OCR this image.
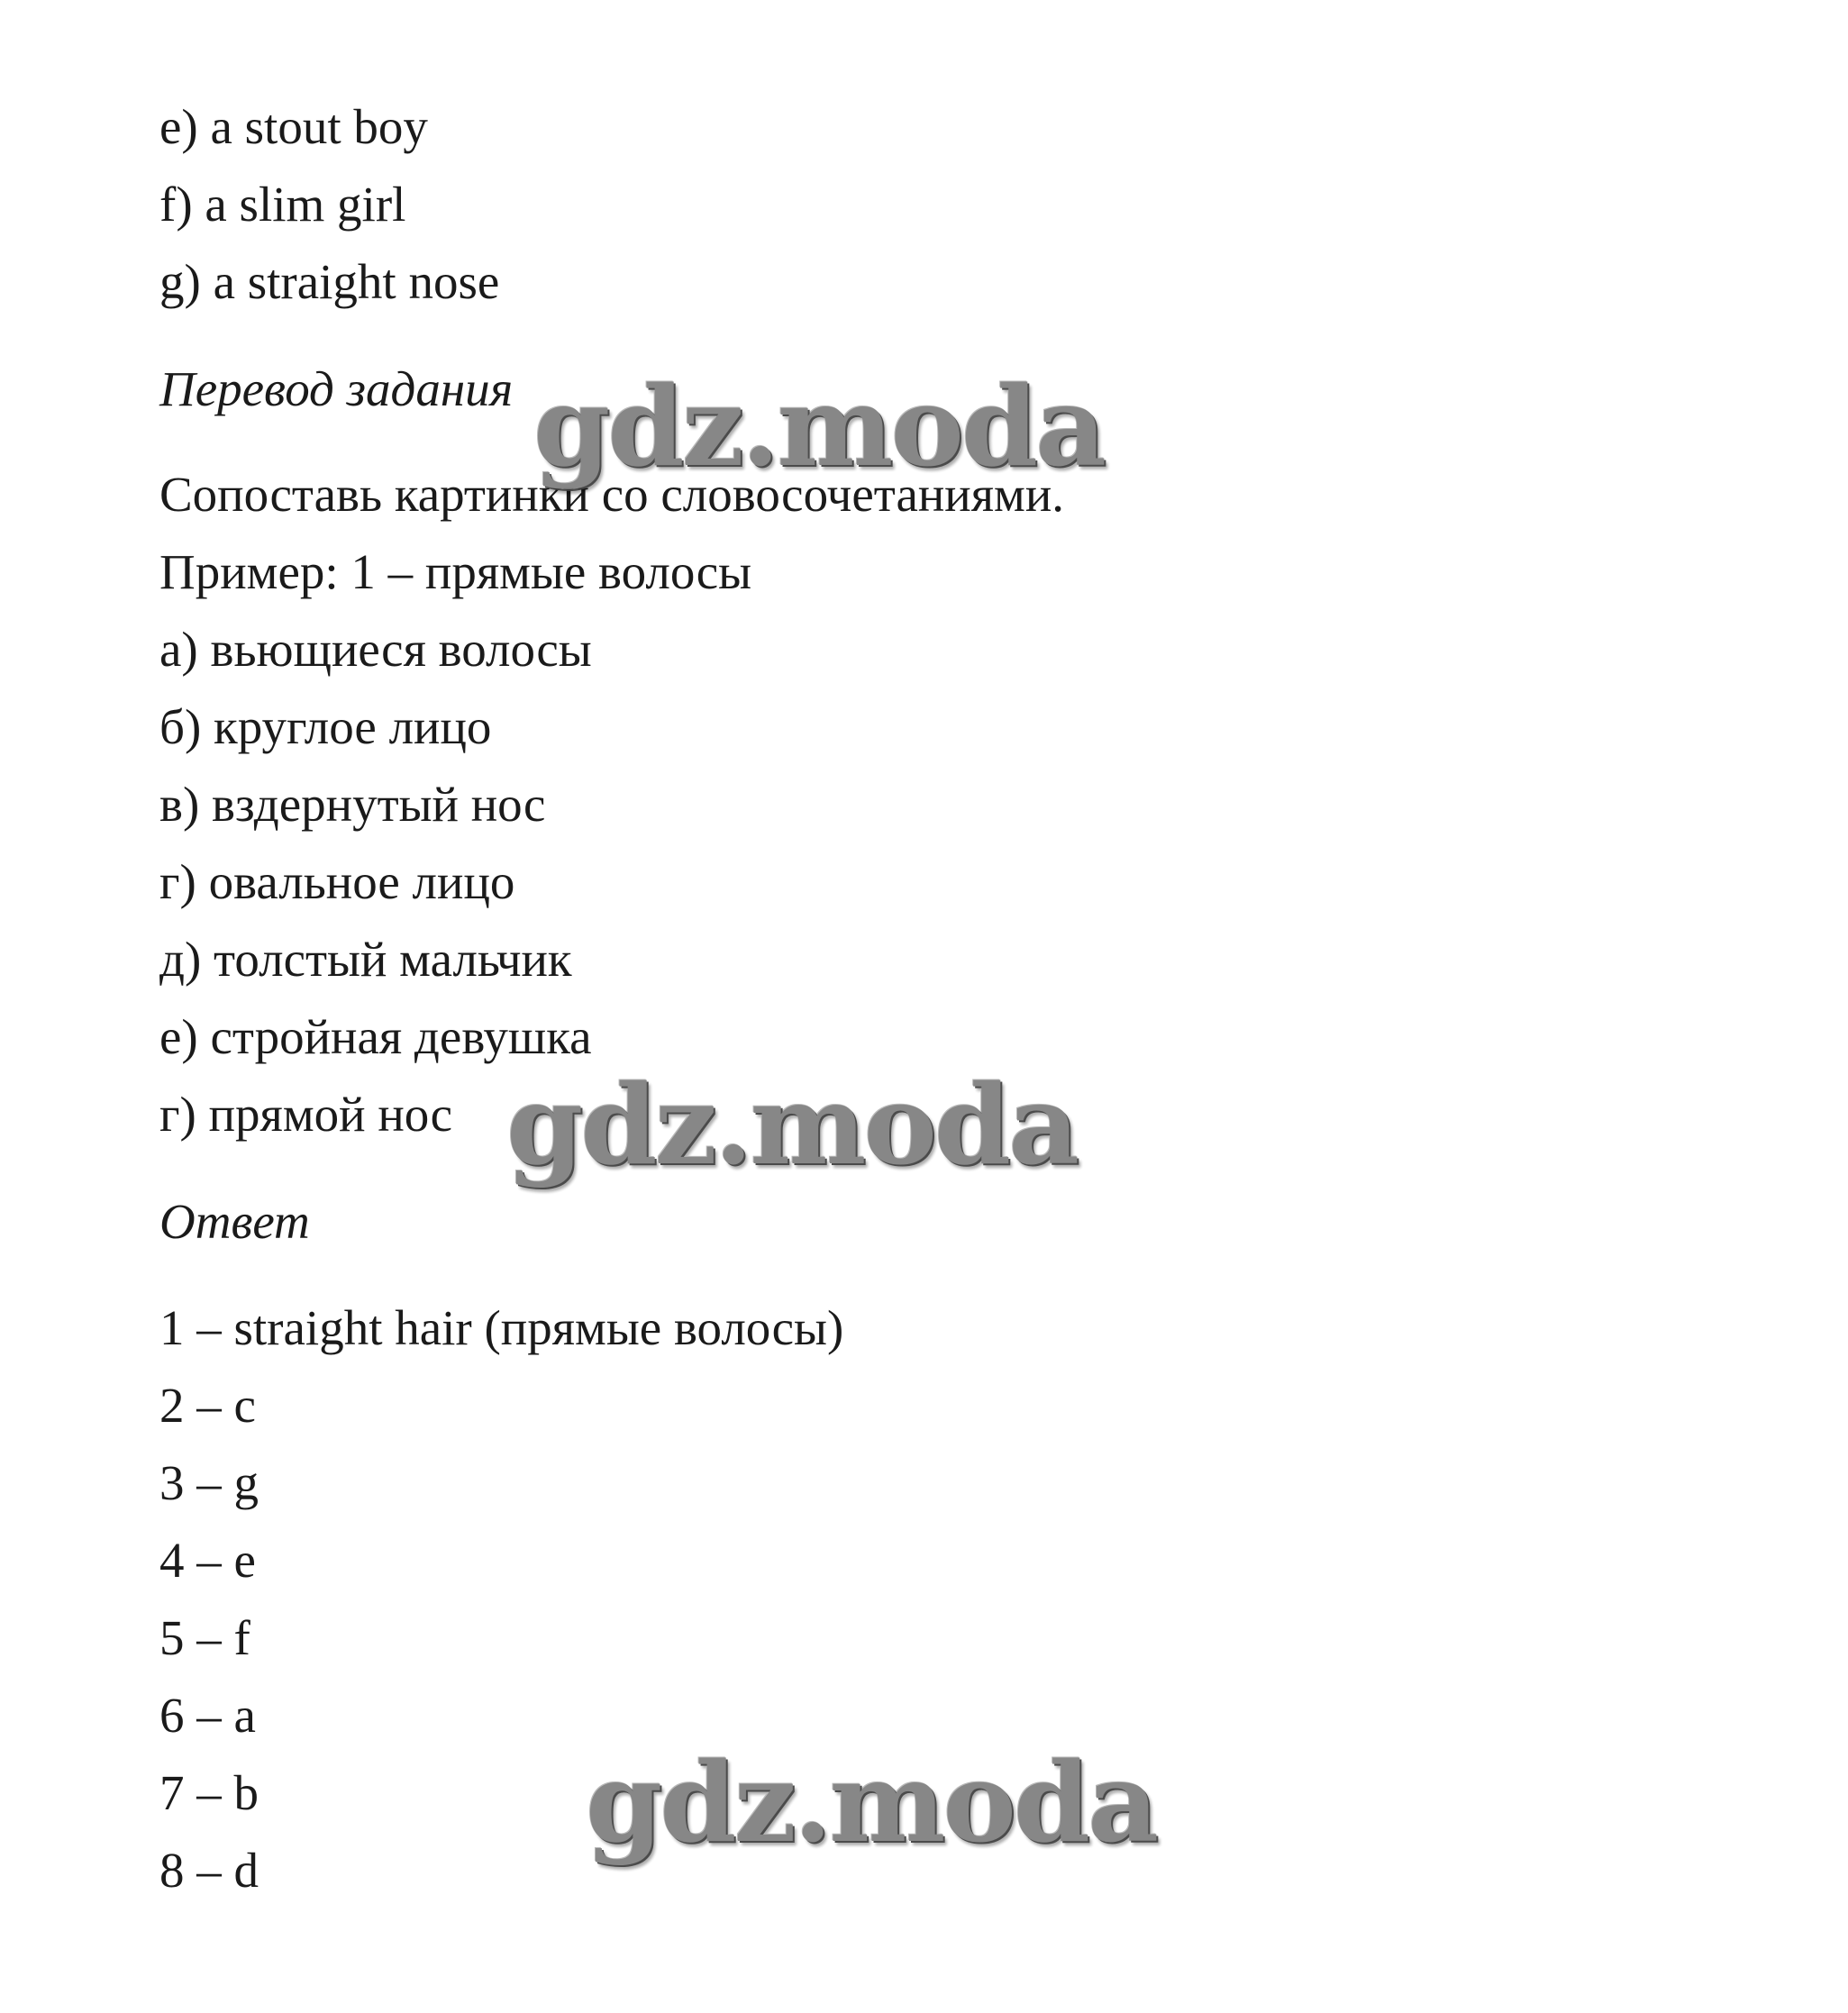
e) a stout boy
f) a slim girl
g) a straight nose
Перевод задания
Сопоставь картинки со словосочетаниями.
Пример: 1 – прямые волосы
а) вьющиеся волосы
б) круглое лицо
в) вздернутый нос
г) овальное лицо
д) толстый мальчик
е) стройная девушка
г) прямой нос
Ответ
1 – straight hair (прямые волосы)
2 – c
3 – g
4 – e
5 – f
6 – a
7 – b
8 – d
gdz.moda
gdz.moda
gdz.moda
